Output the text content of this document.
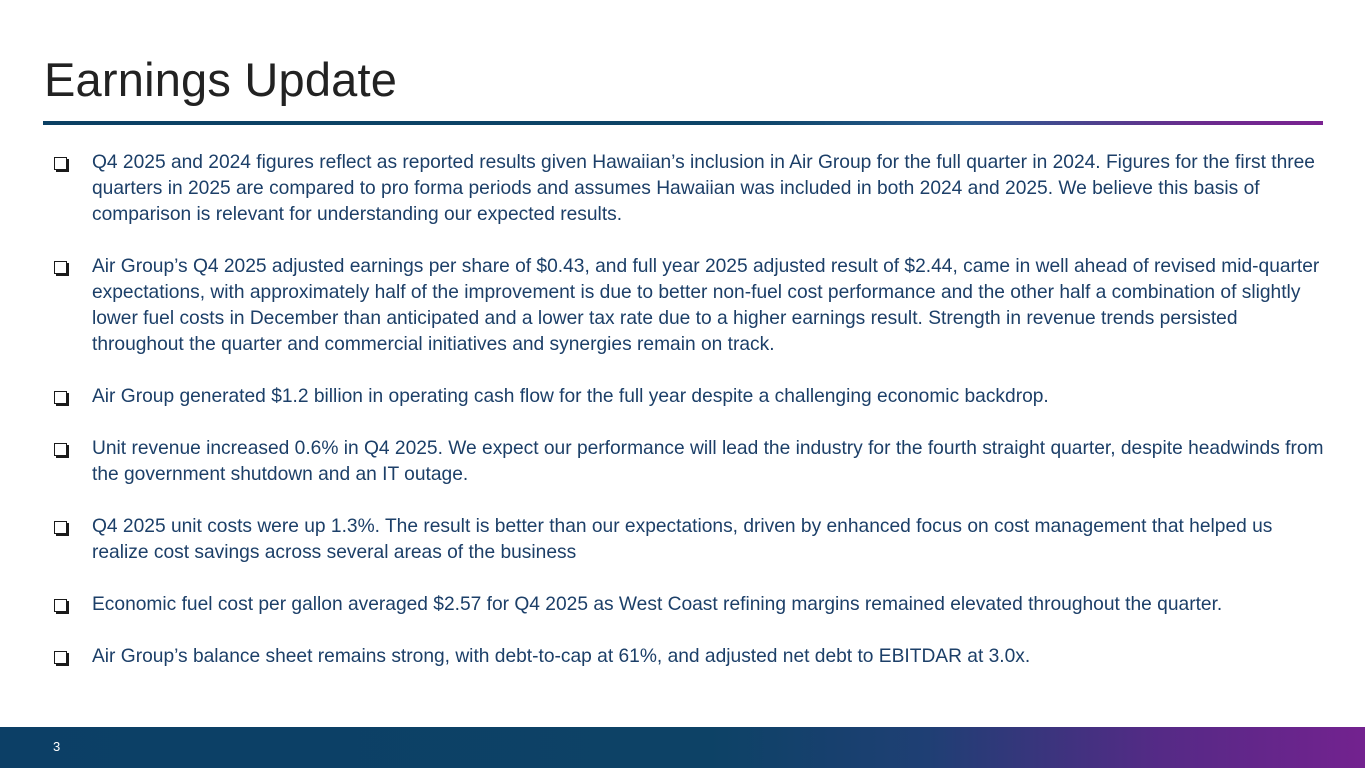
Earnings Update
Q4 2025 and 2024 figures reflect as reported results given Hawaiian’s inclusion in Air Group for the full quarter in 2024. Figures for the first three quarters in 2025 are compared to pro forma periods and assumes Hawaiian was included in both 2024 and 2025. We believe this basis of comparison is relevant for understanding our expected results.
Air Group’s Q4 2025 adjusted earnings per share of $0.43, and full year 2025 adjusted result of $2.44, came in well ahead of revised mid-quarter expectations, with approximately half of the improvement is due to better non-fuel cost performance and the other half a combination of slightly lower fuel costs in December than anticipated and a lower tax rate due to a higher earnings result. Strength in revenue trends persisted throughout the quarter and commercial initiatives and synergies remain on track.
Air Group generated $1.2 billion in operating cash flow for the full year despite a challenging economic backdrop.
Unit revenue increased 0.6% in Q4 2025. We expect our performance will lead the industry for the fourth straight quarter, despite headwinds from the government shutdown and an IT outage.
Q4 2025 unit costs were up 1.3%. The result is better than our expectations, driven by enhanced focus on cost management that helped us realize cost savings across several areas of the business
Economic fuel cost per gallon averaged $2.57 for Q4 2025 as West Coast refining margins remained elevated throughout the quarter.
Air Group’s balance sheet remains strong, with debt-to-cap at 61%, and adjusted net debt to EBITDAR at 3.0x.
3
